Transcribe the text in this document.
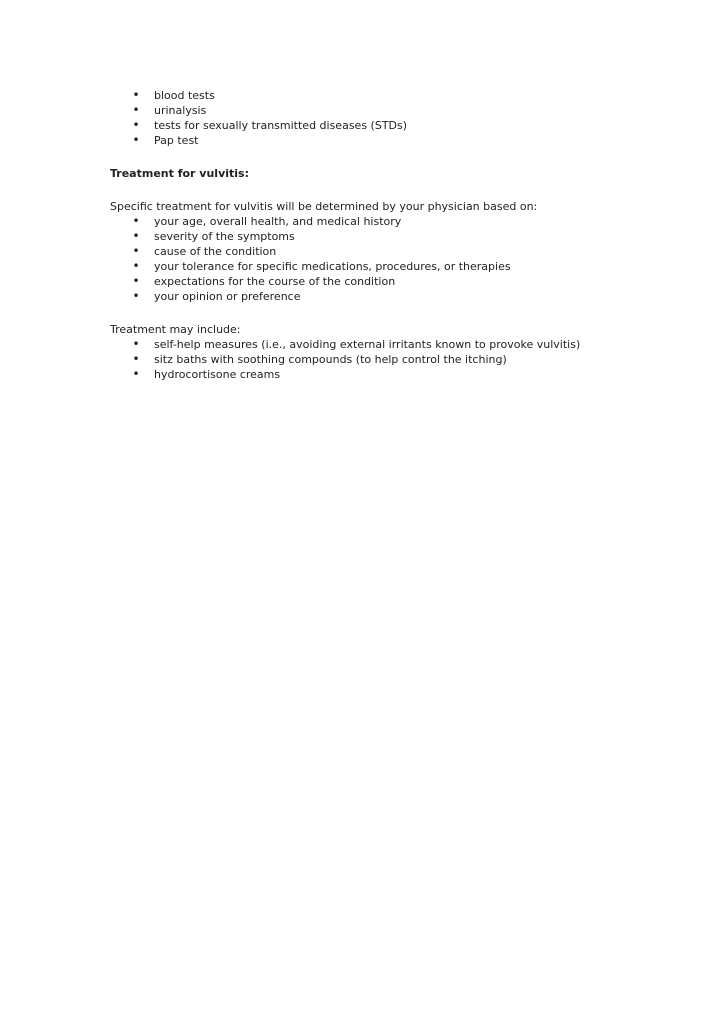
• blood tests
• urinalysis
• tests for sexually transmitted diseases (STDs)
• Pap test
Treatment for vulvitis:
Specific treatment for vulvitis will be determined by your physician based on:
• your age, overall health, and medical history
• severity of the symptoms
• cause of the condition
• your tolerance for specific medications, procedures, or therapies
• expectations for the course of the condition
• your opinion or preference
Treatment may include:
• self-help measures (i.e., avoiding external irritants known to provoke vulvitis)
• sitz baths with soothing compounds (to help control the itching)
• hydrocortisone creams
